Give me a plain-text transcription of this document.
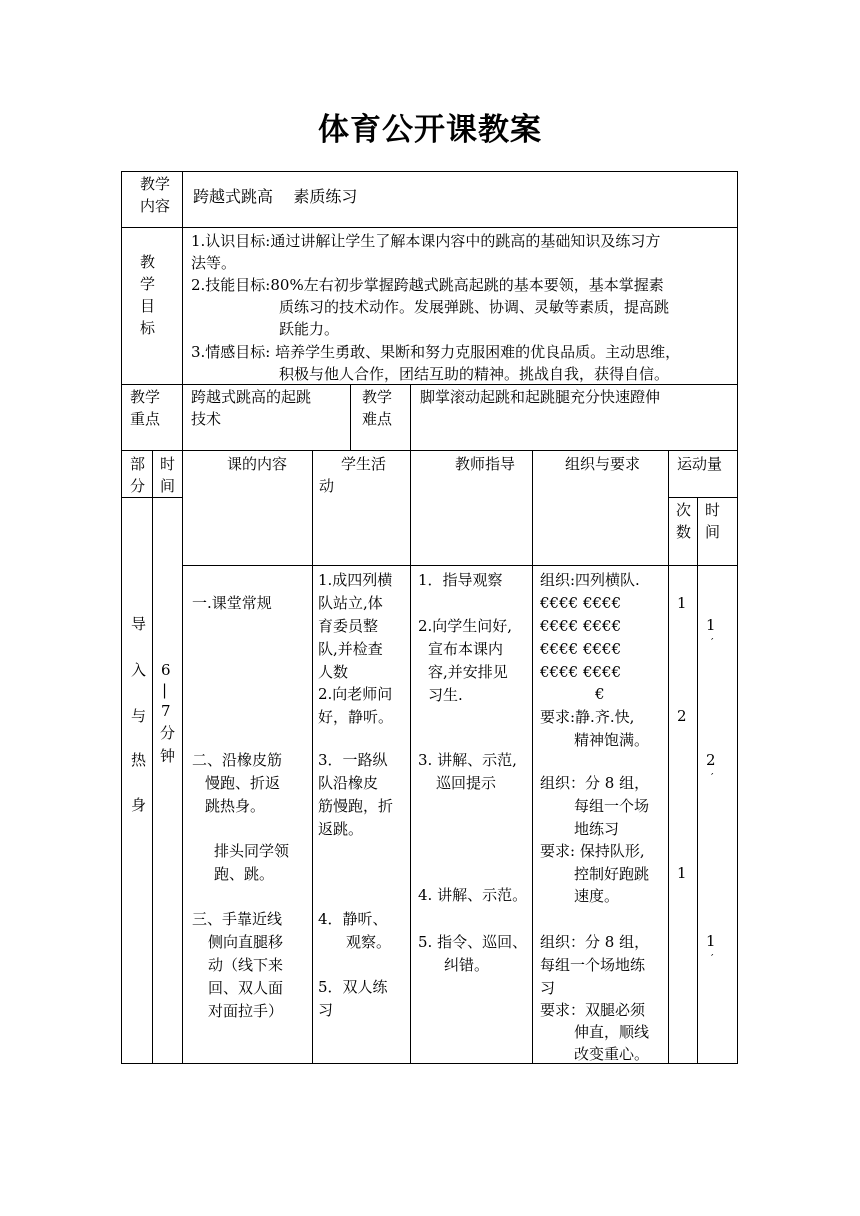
体育公开课教案
教学
内容 跨越式跳高    素质练习
教
学
目
标
1.认识目标:通过讲解让学生了解本课内容中的跳高的基础知识及练习方
法等。
2.技能目标:80%左右初步掌握跨越式跳高起跳的基本要领，基本掌握素
质练习的技术动作。发展弹跳、协调、灵敏等素质，提高跳
跃能力。
3.情感目标: 培养学生勇敢、果断和努力克服困难的优良品质。主动思维，
积极与他人合作，团结互助的精神。挑战自我，获得自信。
教学
重点
跨越式跳高的起跳
技术
教学
难点
脚掌滚动起跳和起跳腿充分快速蹬伸
部
分
时
间
课的内容	学生活
动
教师指导	组织与要求 运动量
次
数
时
间
导
入
与
热
身
6
|
7
分
钟
一.课堂常规
二、沿橡皮筋
慢跑、折返
跳热身。
排头同学领
跑、跳。
三、手靠近线
侧向直腿移
动（线下来
回、双人面
对面拉手）
1.成四列横
队站立,体
育委员整
队,并检查
人数
2.向老师问
好，静听。
3．一路纵
队沿橡皮
筋慢跑，折
返跳。
4．静听、
观察。
5．双人练
习
1．指导观察
2.向学生问好,
宣布本课内
容,并安排见
习生.
3. 讲解、示范,
巡回提示
4. 讲解、示范。
5. 指令、巡回、
纠错。
组织:四列横队.
€€€€ €€€€
€€€€ €€€€
€€€€ €€€€
€€€€ €€€€
€
要求:静.齐.快,
精神饱满。
组织：分 8 组，
每组一个场
地练习
要求: 保持队形,
控制好跑跳
速度。
组织：分 8 组，
每组一个场地练
习
要求：双腿必须
伸直，顺线
改变重心。
1
2
1
1
′
2
′
1
′
